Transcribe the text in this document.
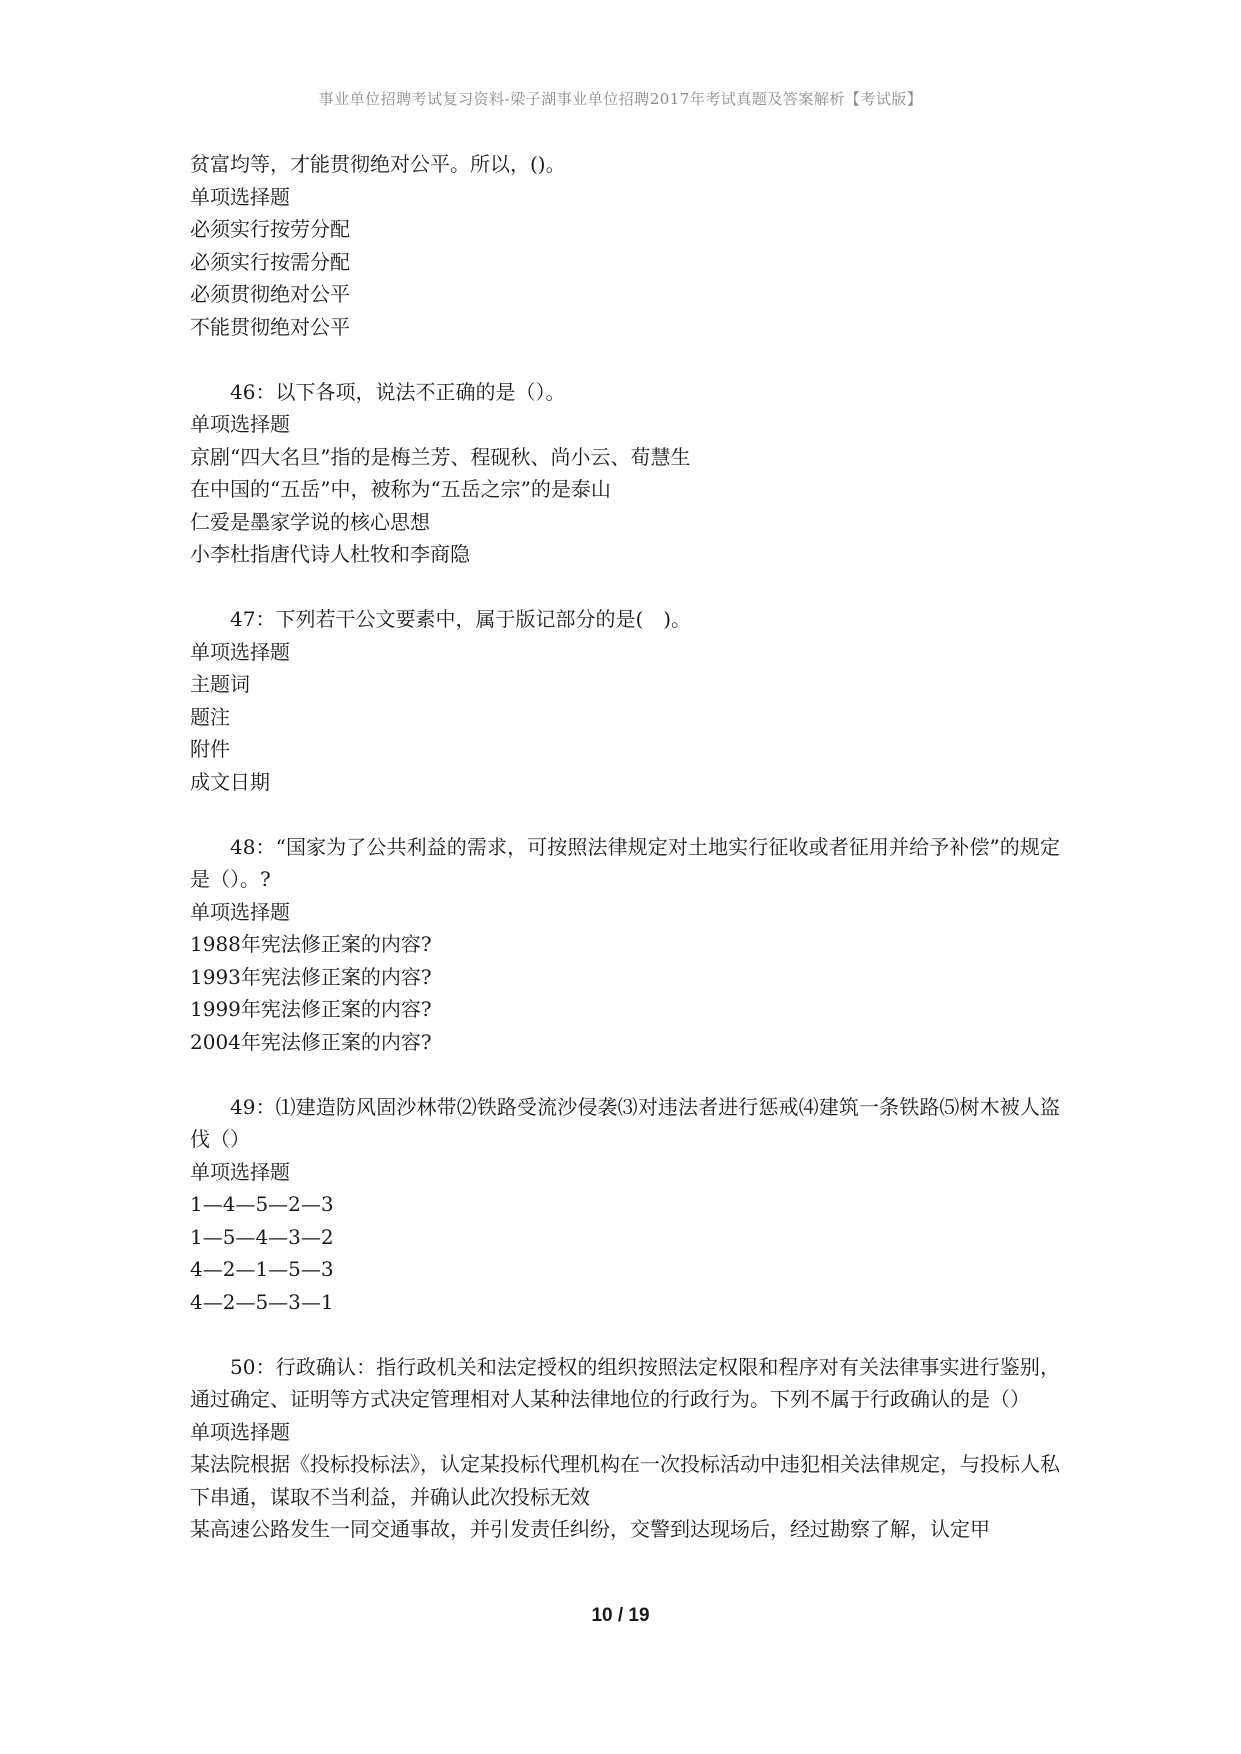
事业单位招聘考试复习资料-梁子湖事业单位招聘2017年考试真题及答案解析【考试版】
贫富均等，才能贯彻绝对公平。所以，()。
单项选择题
必须实行按劳分配
必须实行按需分配
必须贯彻绝对公平
不能贯彻绝对公平
46：以下各项，说法不正确的是（）。
单项选择题
京剧“四大名旦”指的是梅兰芳、程砚秋、尚小云、荀慧生
在中国的“五岳”中，被称为“五岳之宗”的是泰山
仁爱是墨家学说的核心思想
小李杜指唐代诗人杜牧和李商隐
47：下列若干公文要素中，属于版记部分的是(　)。
单项选择题
主题词
题注
附件
成文日期
48：“国家为了公共利益的需求，可按照法律规定对土地实行征收或者征用并给予补偿”的规定是（）。?
单项选择题
1988年宪法修正案的内容?
1993年宪法修正案的内容?
1999年宪法修正案的内容?
2004年宪法修正案的内容?
49：⑴建造防风固沙林带⑵铁路受流沙侵袭⑶对违法者进行惩戒⑷建筑一条铁路⑸树木被人盗伐（）
单项选择题
1—4—5—2—3
1—5—4—3—2
4—2—1—5—3
4—2—5—3—1
50：行政确认：指行政机关和法定授权的组织按照法定权限和程序对有关法律事实进行鉴别，通过确定、证明等方式决定管理相对人某种法律地位的行政行为。下列不属于行政确认的是（）
单项选择题
某法院根据《投标投标法》，认定某投标代理机构在一次投标活动中违犯相关法律规定，与投标人私下串通，谋取不当利益，并确认此次投标无效
某高速公路发生一同交通事故，并引发责任纠纷，交警到达现场后，经过勘察了解，认定甲
10 / 19
